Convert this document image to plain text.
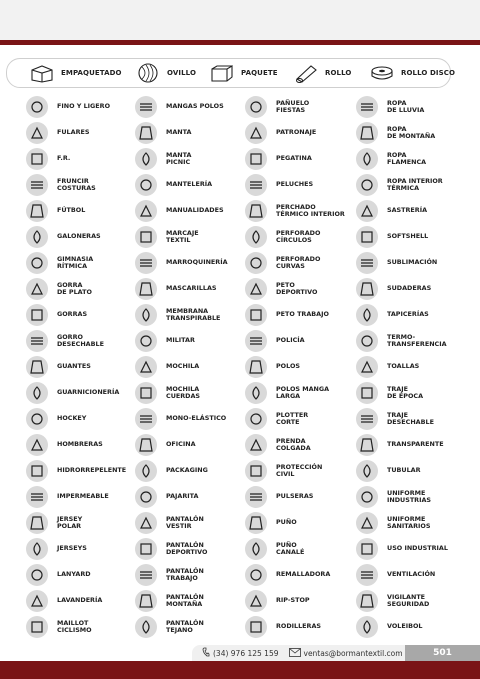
EMPAQUETADO	OVILLO	PAQUETE	ROLLO	ROLLO DISCO
FINO Y LIGERO
FULARES
F.R.
FRUNCIR
COSTURAS
FÚTBOL
GALONERAS
GIMNASIA
RÍTMICA
GORRA
DE PLATO
GORRAS
GORRO
DESECHABLE
GUANTES
GUARNICIONERÍA
HOCKEY
HOMBRERAS
HIDRORREPELENTE
IMPERMEABLE
JERSEY
POLAR
JERSEYS
LANYARD
LAVANDERÍA
MAILLOT
CICLISMO
MANGAS POLOS
MANTA
MANTA
PICNIC
MANTELERÍA
MANUALIDADES
MARCAJE
TEXTIL
MARROQUINERÍA
MASCARILLAS
MEMBRANA
TRANSPIRABLE
MILITAR
MOCHILA
MOCHILA
CUERDAS
MONO-ELÁSTICO
OFICINA
PACKAGING
PAJARITA
PANTALÓN
VESTIR
PANTALÓN
DEPORTIVO
PANTALÓN
TRABAJO
PANTALÓN
MONTAÑA
PANTALÓN
TEJANO
PAÑUELO
FIESTAS
PATRONAJE
PEGATINA
PELUCHES
PERCHADO
TÉRMICO INTERIOR
PERFORADO
CÍRCULOS
PERFORADO
CURVAS
PETO
DEPORTIVO
PETO TRABAJO
POLICÍA
POLOS
POLOS MANGA
LARGA
PLOTTER
CORTE
PRENDA
COLGADA
PROTECCIÓN
CIVIL
PULSERAS
PUÑO
PUÑO
CANALÉ
REMALLADORA
RIP-STOP
RODILLERAS
ROPA
DE LLUVIA
ROPA
DE MONTAÑA
ROPA
FLAMENCA
ROPA INTERIOR
TÉRMICA
SASTRERÍA
SOFTSHELL
SUBLIMACIÓN
SUDADERAS
TAPICERÍAS
TERMO-
TRANSFERENCIA
TOALLAS
TRAJE
DE ÉPOCA
TRAJE
DESECHABLE
TRANSPARENTE
TUBULAR
UNIFORME
INDUSTRIAS
UNIFORME
SANITARIOS
USO INDUSTRIAL
VENTILACIÓN
VIGILANTE
SEGURIDAD
VOLEIBOL
(34) 976 125 159	ventas@bormantextil.com	501
